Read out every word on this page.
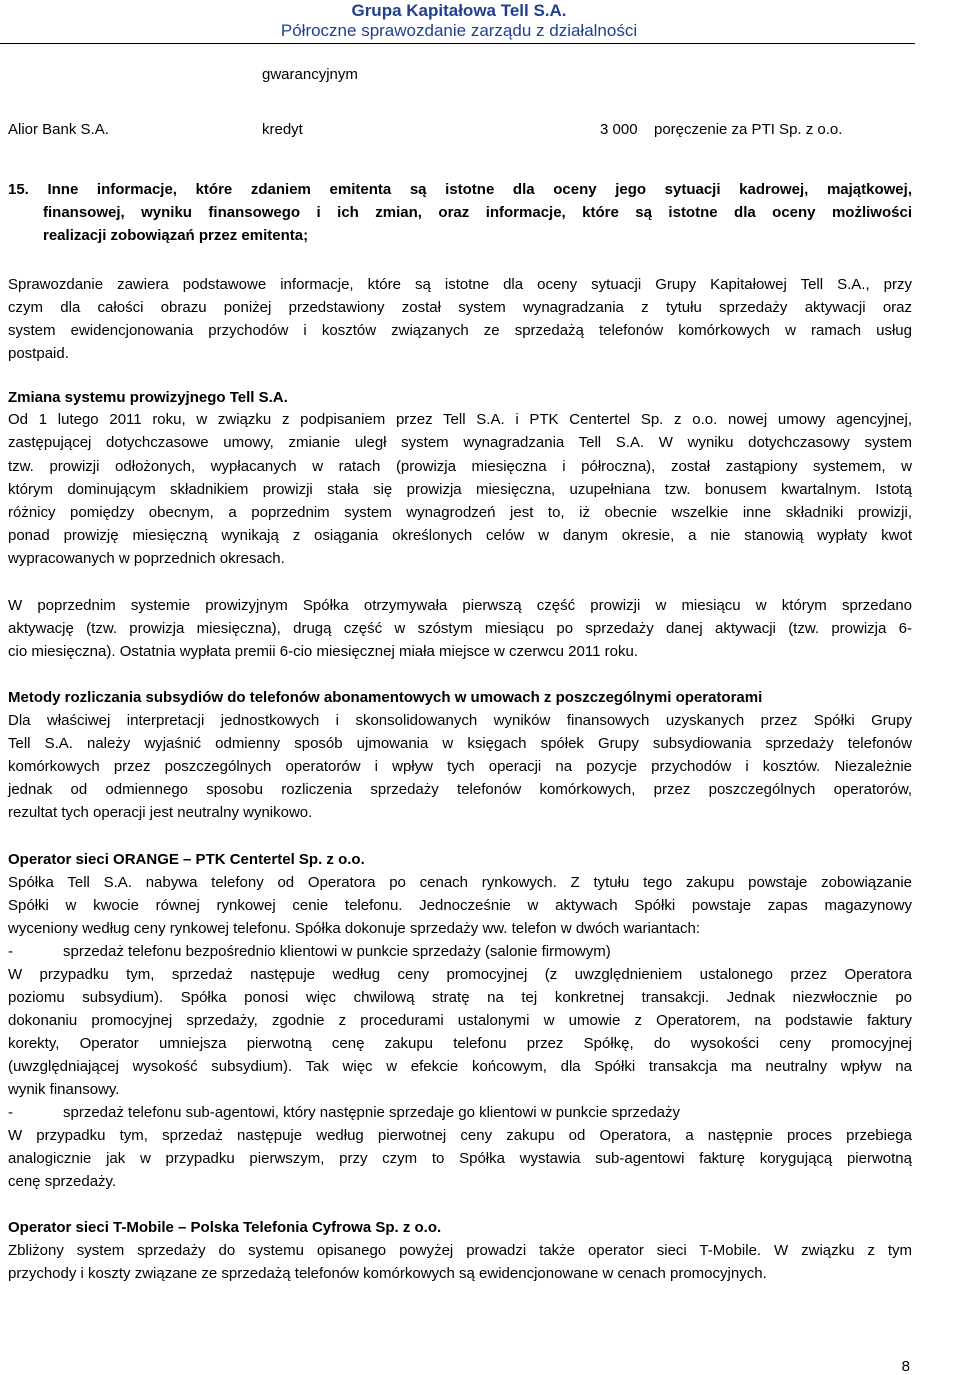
Grupa Kapitałowa Tell S.A.
Półroczne sprawozdanie zarządu z działalności
gwarancyjnym
Alior Bank S.A.	kredyt	3 000 poręczenie za PTI Sp. z o.o.
15. Inne informacje, które zdaniem emitenta są istotne dla oceny jego sytuacji kadrowej, majątkowej,
finansowej, wyniku finansowego i ich zmian, oraz informacje, które są istotne dla oceny możliwości
realizacji zobowiązań przez emitenta;
Sprawozdanie zawiera podstawowe informacje, które są istotne dla oceny sytuacji Grupy Kapitałowej Tell S.A., przy
czym dla całości obrazu poniżej przedstawiony został system wynagradzania z tytułu sprzedaży aktywacji oraz
system ewidencjonowania przychodów i kosztów związanych ze sprzedażą telefonów komórkowych w ramach usług
postpaid.
Zmiana systemu prowizyjnego Tell S.A.
Od 1 lutego 2011 roku, w związku z podpisaniem przez Tell S.A. i PTK Centertel Sp. z o.o. nowej umowy agencyjnej,
zastępującej dotychczasowe umowy, zmianie uległ system wynagradzania Tell S.A. W wyniku dotychczasowy system
tzw. prowizji odłożonych, wypłacanych w ratach (prowizja miesięczna i półroczna), został zastąpiony systemem, w
którym dominującym składnikiem prowizji stała się prowizja miesięczna, uzupełniana tzw. bonusem kwartalnym. Istotą
różnicy pomiędzy obecnym, a poprzednim system wynagrodzeń jest to, iż obecnie wszelkie inne składniki prowizji,
ponad prowizję miesięczną wynikają z osiągania określonych celów w danym okresie, a nie stanowią wypłaty kwot
wypracowanych w poprzednich okresach.
W poprzednim systemie prowizyjnym Spółka otrzymywała pierwszą część prowizji w miesiącu w którym sprzedano
aktywację (tzw. prowizja miesięczna), drugą część w szóstym miesiącu po sprzedaży danej aktywacji (tzw. prowizja 6-
cio miesięczna). Ostatnia wypłata premii 6-cio miesięcznej miała miejsce w czerwcu 2011 roku.
Metody rozliczania subsydiów do telefonów abonamentowych w umowach z poszczególnymi operatorami
Dla właściwej interpretacji jednostkowych i skonsolidowanych wyników finansowych uzyskanych przez Spółki Grupy
Tell S.A. należy wyjaśnić odmienny sposób ujmowania w księgach spółek Grupy subsydiowania sprzedaży telefonów
komórkowych przez poszczególnych operatorów i wpływ tych operacji na pozycje przychodów i kosztów. Niezależnie
jednak od odmiennego sposobu rozliczenia sprzedaży telefonów komórkowych, przez poszczególnych operatorów,
rezultat tych operacji jest neutralny wynikowo.
Operator sieci ORANGE – PTK Centertel Sp. z o.o.
Spółka Tell S.A. nabywa telefony od Operatora po cenach rynkowych. Z tytułu tego zakupu powstaje zobowiązanie
Spółki w kwocie równej rynkowej cenie telefonu. Jednocześnie w aktywach Spółki powstaje zapas magazynowy
wyceniony według ceny rynkowej telefonu. Spółka dokonuje sprzedaży ww. telefon w dwóch wariantach:
-	sprzedaż telefonu bezpośrednio klientowi w punkcie sprzedaży (salonie firmowym)
W przypadku tym, sprzedaż następuje według ceny promocyjnej (z uwzględnieniem ustalonego przez Operatora
poziomu subsydium). Spółka ponosi więc chwilową stratę na tej konkretnej transakcji. Jednak niezwłocznie po
dokonaniu promocyjnej sprzedaży, zgodnie z procedurami ustalonymi w umowie z Operatorem, na podstawie faktury
korekty, Operator umniejsza pierwotną cenę zakupu telefonu przez Spółkę, do wysokości ceny promocyjnej
(uwzględniającej wysokość subsydium). Tak więc w efekcie końcowym, dla Spółki transakcja ma neutralny wpływ na
wynik finansowy.
-	sprzedaż telefonu sub-agentowi, który następnie sprzedaje go klientowi w punkcie sprzedaży
W przypadku tym, sprzedaż następuje według pierwotnej ceny zakupu od Operatora, a następnie proces przebiega
analogicznie jak w przypadku pierwszym, przy czym to Spółka wystawia sub-agentowi fakturę korygującą pierwotną
cenę sprzedaży.
Operator sieci T-Mobile – Polska Telefonia Cyfrowa Sp. z o.o.
Zbliżony system sprzedaży do systemu opisanego powyżej prowadzi także operator sieci T-Mobile. W związku z tym
przychody i koszty związane ze sprzedażą telefonów komórkowych są ewidencjonowane w cenach promocyjnych.
8
